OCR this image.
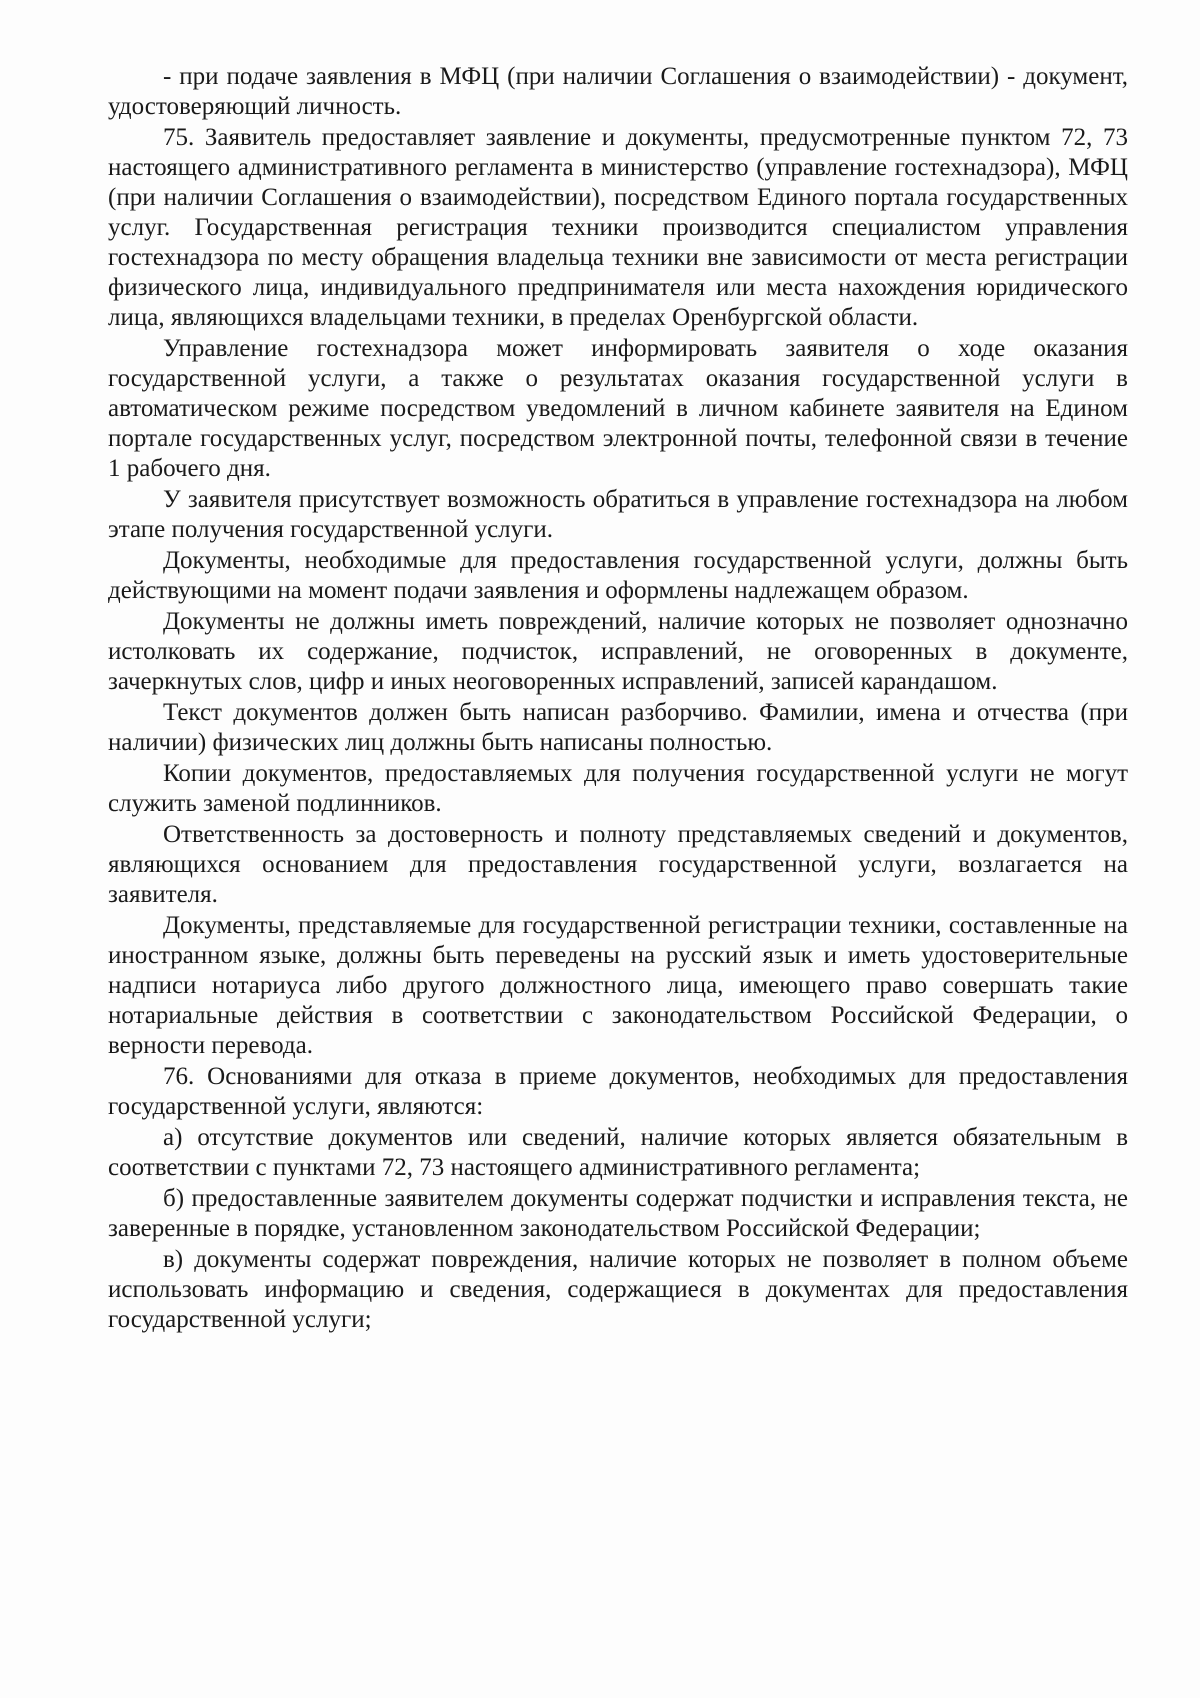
- при подаче заявления в МФЦ (при наличии Соглашения о взаимодействии) - документ, удостоверяющий личность.

75. Заявитель предоставляет заявление и документы, предусмотренные пунктом 72, 73 настоящего административного регламента в министерство (управление гостехнадзора), МФЦ (при наличии Соглашения о взаимодействии), посредством Единого портала государственных услуг. Государственная регистрация техники производится специалистом управления гостехнадзора по месту обращения владельца техники вне зависимости от места регистрации физического лица, индивидуального предпринимателя или места нахождения юридического лица, являющихся владельцами техники, в пределах Оренбургской области.

Управление гостехнадзора может информировать заявителя о ходе оказания государственной услуги, а также о результатах оказания государственной услуги в автоматическом режиме посредством уведомлений в личном кабинете заявителя на Едином портале государственных услуг, посредством электронной почты, телефонной связи в течение 1 рабочего дня.

У заявителя присутствует возможность обратиться в управление гостехнадзора на любом этапе получения государственной услуги.

Документы, необходимые для предоставления государственной услуги, должны быть действующими на момент подачи заявления и оформлены надлежащем образом.

Документы не должны иметь повреждений, наличие которых не позволяет однозначно истолковать их содержание, подчисток, исправлений, не оговоренных в документе, зачеркнутых слов, цифр и иных неоговоренных исправлений, записей карандашом.

Текст документов должен быть написан разборчиво. Фамилии, имена и отчества (при наличии) физических лиц должны быть написаны полностью.

Копии документов, предоставляемых для получения государственной услуги не могут служить заменой подлинников.

Ответственность за достоверность и полноту представляемых сведений и документов, являющихся основанием для предоставления государственной услуги, возлагается на заявителя.

Документы, представляемые для государственной регистрации техники, составленные на иностранном языке, должны быть переведены на русский язык и иметь удостоверительные надписи нотариуса либо другого должностного лица, имеющего право совершать такие нотариальные действия в соответствии с законодательством Российской Федерации, о верности перевода.

76. Основаниями для отказа в приеме документов, необходимых для предоставления государственной услуги, являются:

а) отсутствие документов или сведений, наличие которых является обязательным в соответствии с пунктами 72, 73 настоящего административного регламента;

б) предоставленные заявителем документы содержат подчистки и исправления текста, не заверенные в порядке, установленном законодательством Российской Федерации;

в) документы содержат повреждения, наличие которых не позволяет в полном объеме использовать информацию и сведения, содержащиеся в документах для предоставления государственной услуги;
